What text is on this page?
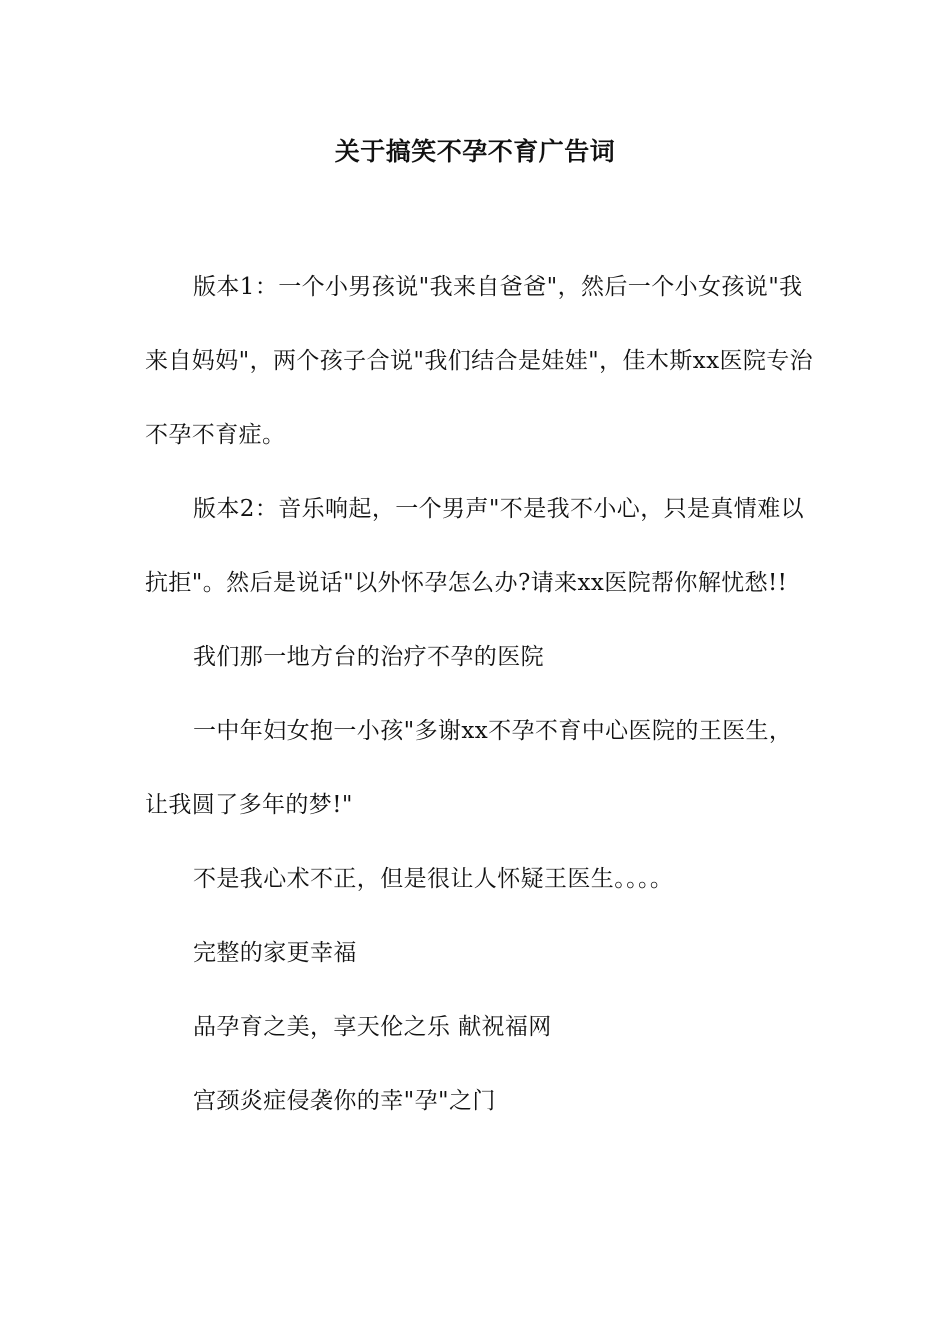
关于搞笑不孕不育广告词

版本1：一个小男孩说"我来自爸爸"，然后一个小女孩说"我来自妈妈"，两个孩子合说"我们结合是娃娃"，佳木斯xx医院专治不孕不育症。

版本2：音乐响起，一个男声"不是我不小心，只是真情难以抗拒"。然后是说话"以外怀孕怎么办?请来xx医院帮你解忧愁!!

我们那一地方台的治疗不孕的医院

一中年妇女抱一小孩"多谢xx不孕不育中心医院的王医生，让我圆了多年的梦!"

不是我心术不正，但是很让人怀疑王医生。。。。

完整的家更幸福

品孕育之美，享天伦之乐 献祝福网

宫颈炎症侵袭你的幸"孕"之门
